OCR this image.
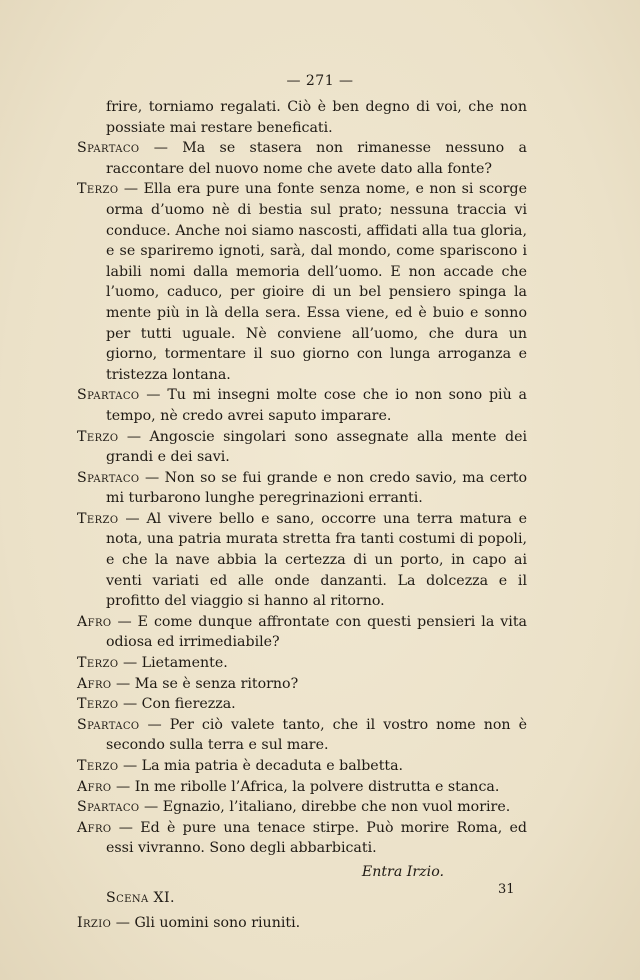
— 271 —

frire, torniamo regalati. Ciò è ben degno di voi, che non possiate mai restare beneficati.

Spartaco — Ma se stasera non rimanesse nessuno a raccontare del nuovo nome che avete dato alla fonte?

Terzo — Ella era pure una fonte senza nome, e non si scorge orma d’uomo nè di bestia sul prato; nessuna traccia vi conduce. Anche noi siamo nascosti, affidati alla tua gloria, e se spariremo ignoti, sarà, dal mondo, come spariscono i labili nomi dalla memoria dell’uomo. E non accade che l’uomo, caduco, per gioire di un bel pensiero spinga la mente più in là della sera. Essa viene, ed è buio e sonno per tutti uguale. Nè conviene all’uomo, che dura un giorno, tormentare il suo giorno con lunga arroganza e tristezza lontana.

Spartaco — Tu mi insegni molte cose che io non sono più a tempo, nè credo avrei saputo imparare.

Terzo — Angoscie singolari sono assegnate alla mente dei grandi e dei savi.

Spartaco — Non so se fui grande e non credo savio, ma certo mi turbarono lunghe peregrinazioni erranti.

Terzo — Al vivere bello e sano, occorre una terra matura e nota, una patria murata stretta fra tanti costumi di popoli, e che la nave abbia la certezza di un porto, in capo ai venti variati ed alle onde danzanti. La dolcezza e il profitto del viaggio si hanno al ritorno.

Afro — E come dunque affrontate con questi pensieri la vita odiosa ed irrimediabile?

Terzo — Lietamente.

Afro — Ma se è senza ritorno?

Terzo — Con fierezza.

Spartaco — Per ciò valete tanto, che il vostro nome non è secondo sulla terra e sul mare.

Terzo — La mia patria è decaduta e balbetta.

Afro — In me ribolle l’Africa, la polvere distrutta e stanca.

Spartaco — Egnazio, l’italiano, direbbe che non vuol morire.

Afro — Ed è pure una tenace stirpe. Può morire Roma, ed essi vivranno. Sono degli abbarbicati.

Entra Irzio.

Scena XI.

Irzio — Gli uomini sono riuniti.

31
